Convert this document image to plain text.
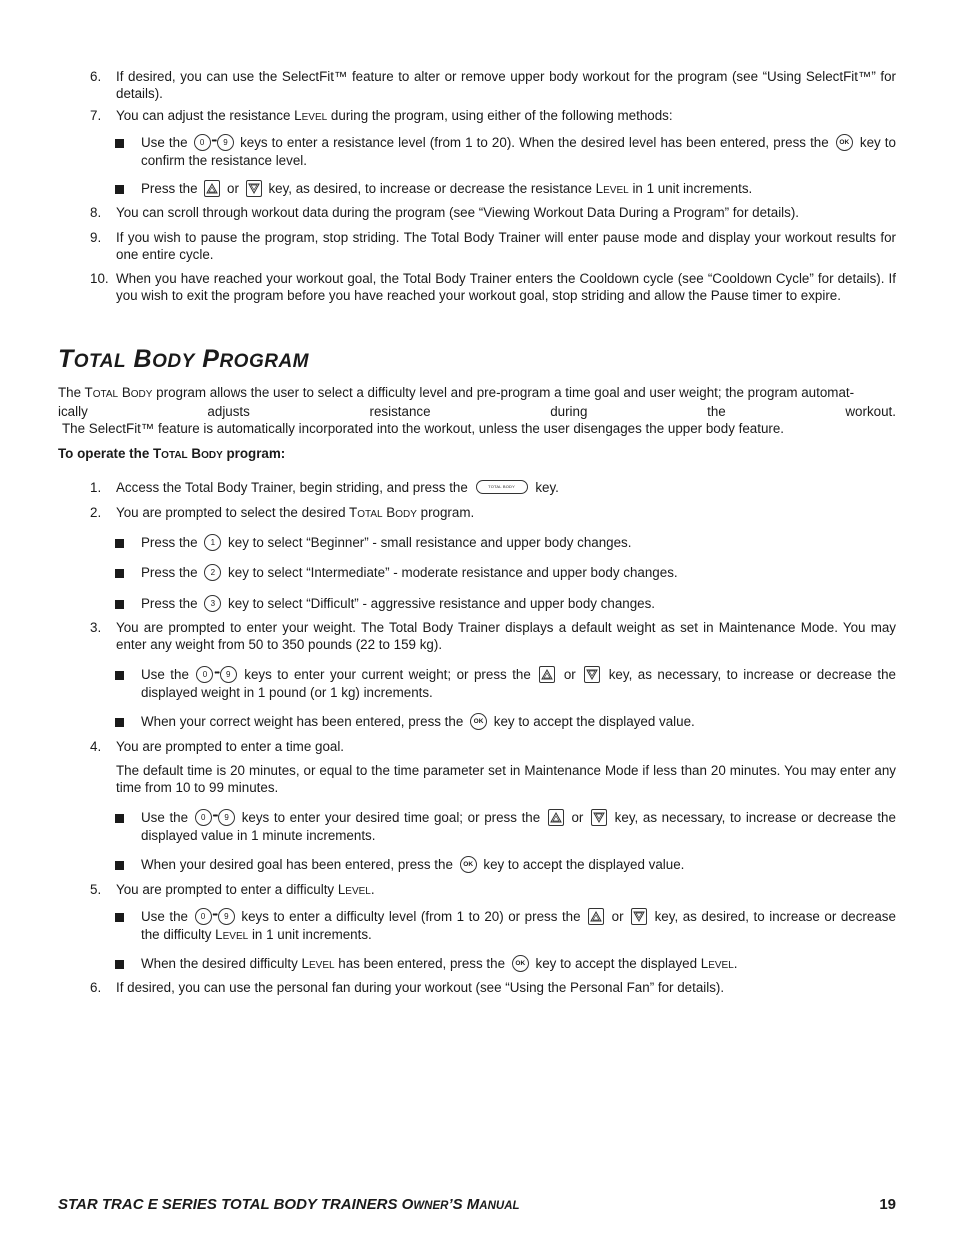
6.	If desired, you can use the SelectFit™ feature to alter or remove upper body workout for the program (see “Using SelectFit™” for details).
7.	You can adjust the resistance LEVEL during the program, using either of the following methods:
Use the	0	••• 9 keys to enter a resistance level (from 1 to 20). When the desired level has been entered, press the OK key to confirm the resistance level.
Press the or key, as desired, to increase or decrease the resistance LEVEL in 1 unit increments.
8.	You can scroll through workout data during the program (see “Viewing Workout Data During a Program” for details).
9.	If you wish to pause the program, stop striding. The Total Body Trainer will enter pause mode and display your workout results for one entire cycle.
10. When you have reached your workout goal, the Total Body Trainer enters the Cooldown cycle (see “Cooldown Cycle” for details). If you wish to exit the program before you have reached your workout goal, stop striding and allow the Pause timer to expire.
TOTAL BODY PROGRAM
The TOTAL BODY program allows the user to select a difficulty level and pre-program a time goal and user weight; the program automat-
ically	adjusts	resistance	during	the	workout.
The SelectFit™ feature is automatically incorporated into the workout, unless the user disengages the upper body feature.
To operate the TOTAL BODY program:
1.	Access the Total Body Trainer, begin striding, and press the	TOTAL BODY key.
2.	You are prompted to select the desired TOTAL BODY program.
Press the 1 key to select “Beginner” - small resistance and upper body changes.
Press the 2 key to select “Intermediate” - moderate resistance and upper body changes.
Press the 3 key to select “Difficult” - aggressive resistance and upper body changes.
3.	You are prompted to enter your weight. The Total Body Trainer displays a default weight as set in Maintenance Mode. You may enter any weight from 50 to 350 pounds (22 to 159 kg).
Use the	0	••• 9	keys to enter your current weight; or press the or key, as necessary, to increase or decrease the displayed weight in 1 pound (or 1 kg) increments.
When your correct weight has been entered, press the OK key to accept the displayed value.
4.	You are prompted to enter a time goal.
The default time is 20 minutes, or equal to the time parameter set in Maintenance Mode if less than 20 minutes. You may enter any time from 10 to 99 minutes.
Use the	0	••• 9 keys to enter your desired time goal; or press the or key, as necessary, to increase or decrease the displayed value in 1 minute increments.
When your desired goal has been entered, press the OK key to accept the displayed value.
5.	You are prompted to enter a difficulty LEVEL.
Use the	0	••• 9 keys to enter a difficulty level (from 1 to 20) or press the or key, as desired, to increase or decrease the difficulty LEVEL in 1 unit increments.
When the desired difficulty LEVEL has been entered, press the OK key to accept the displayed LEVEL.
6.	If desired, you can use the personal fan during your workout (see “Using the Personal Fan” for details).
STAR TRAC E SERIES TOTAL BODY TRAINERS OWNER’S MANUAL	19
